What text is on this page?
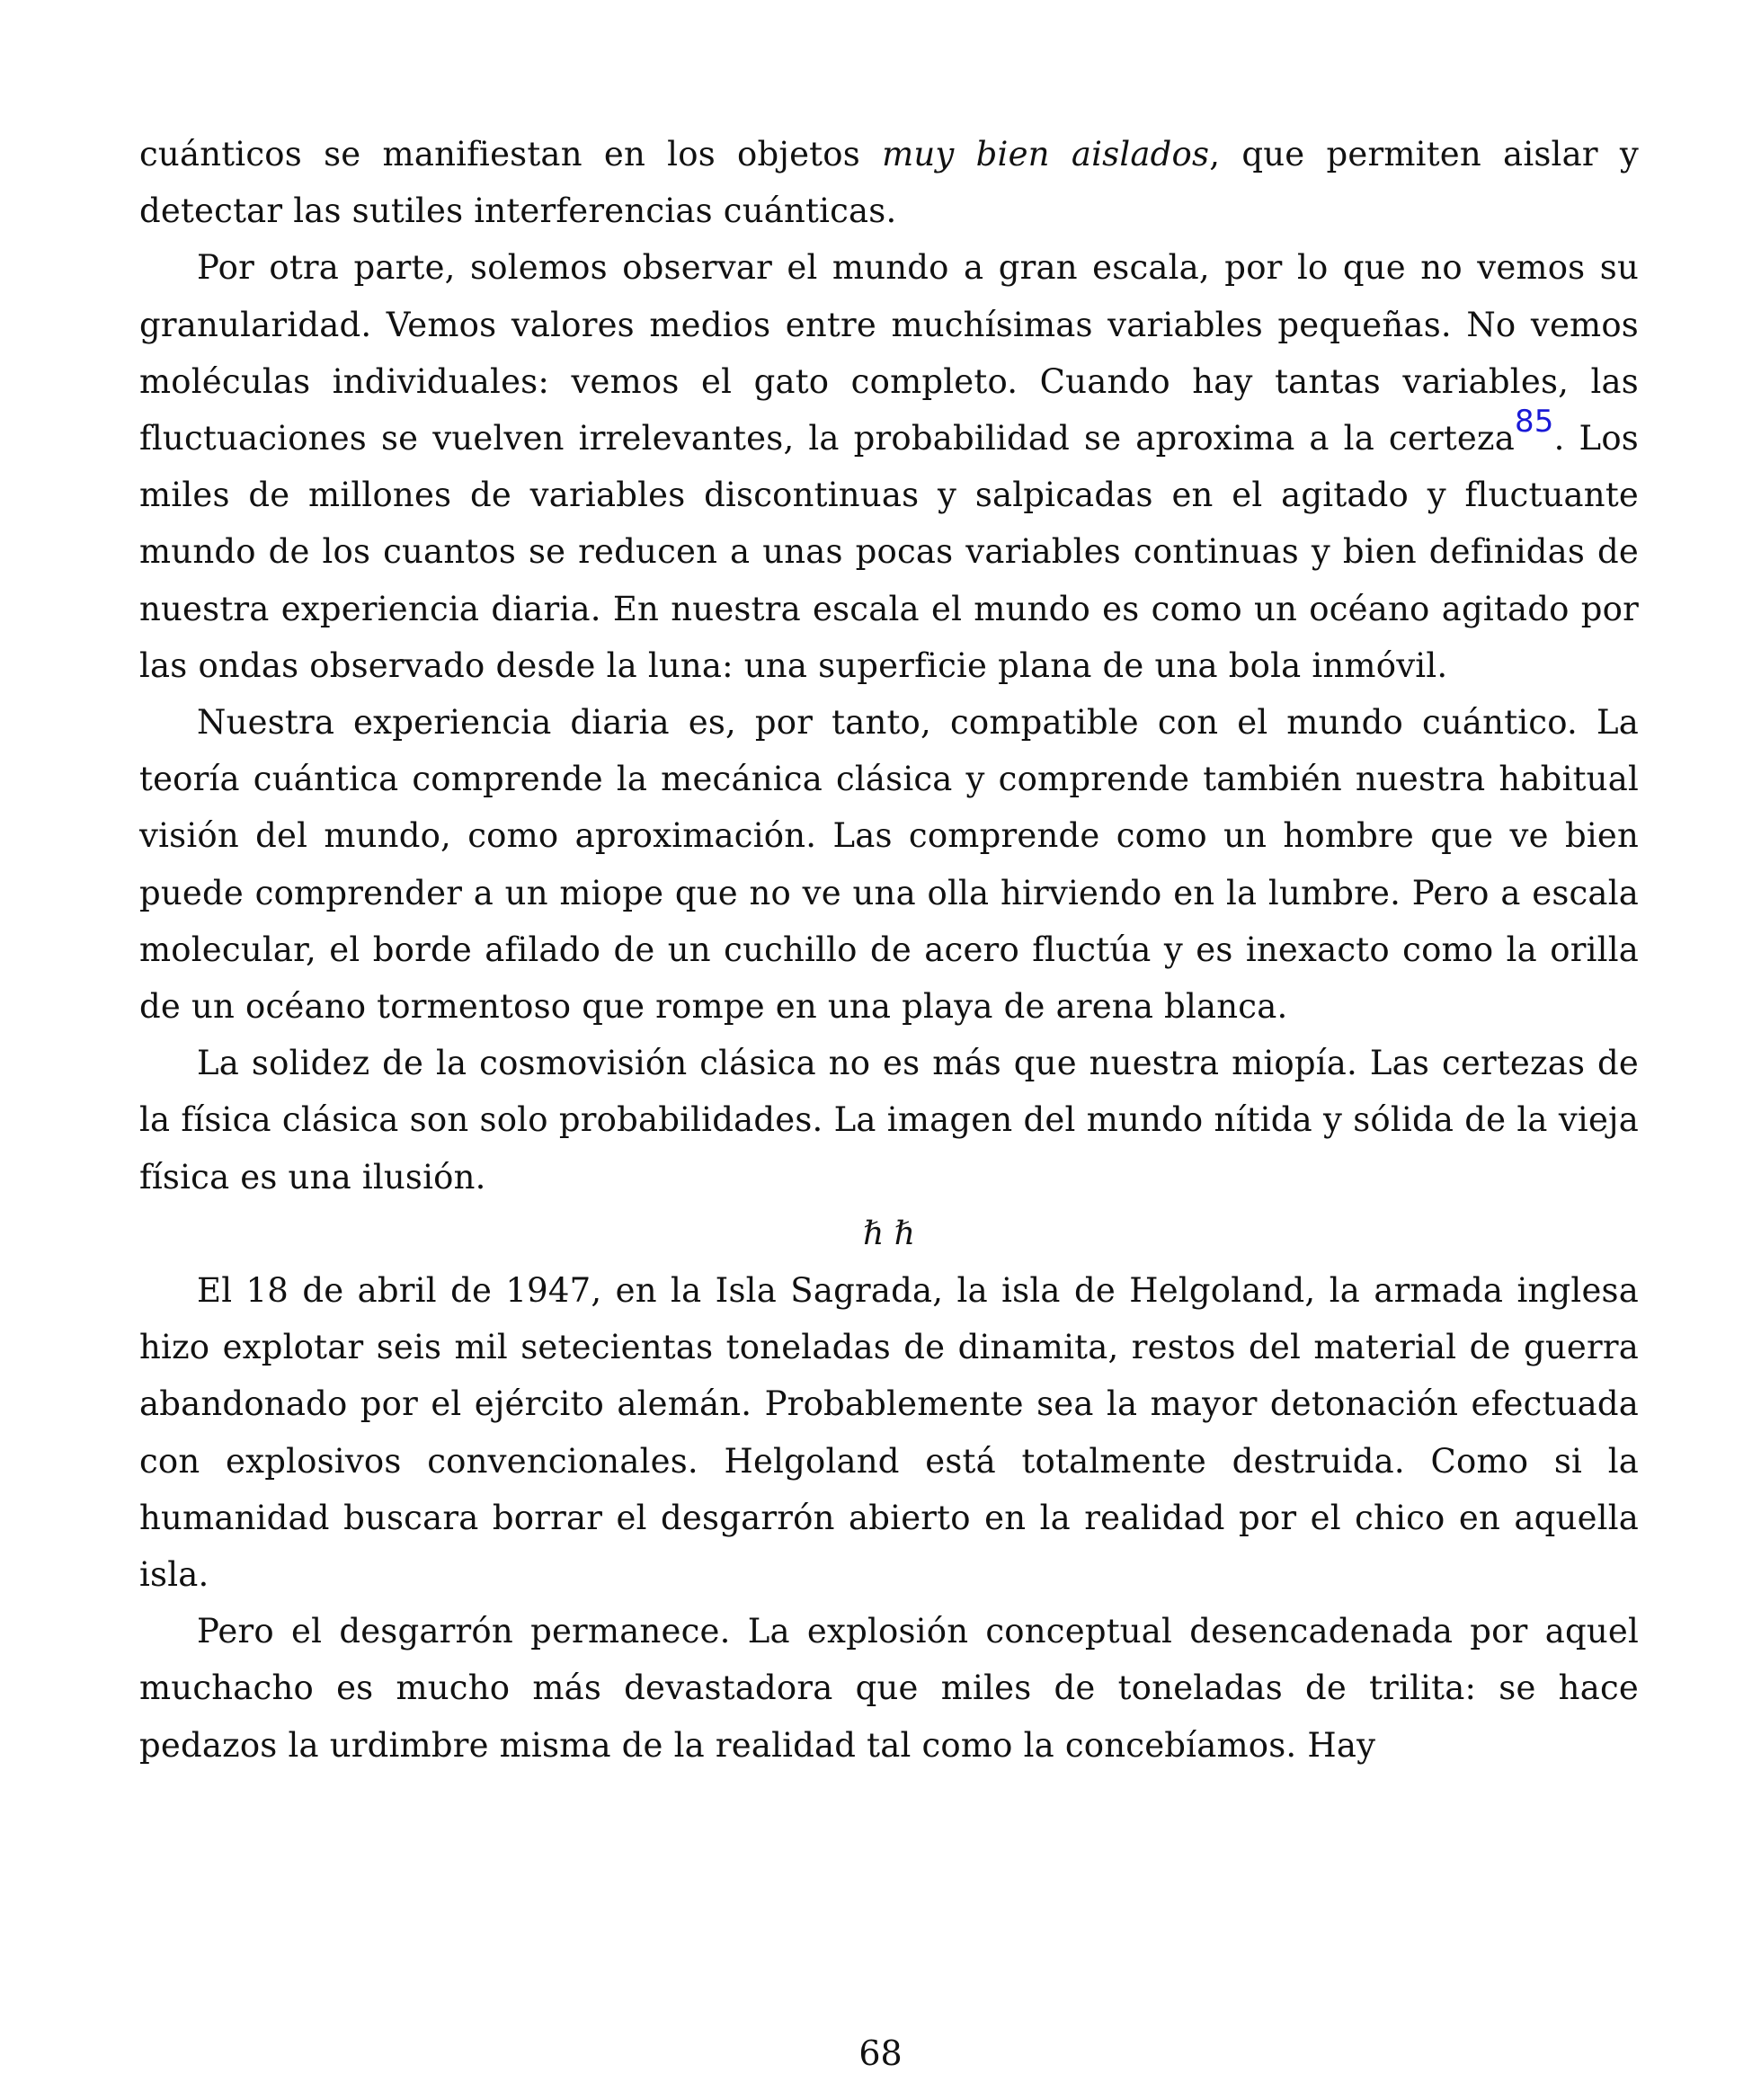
cuánticos se manifiestan en los objetos muy bien aislados, que permiten aislar y detectar las sutiles interferencias cuánticas.

Por otra parte, solemos observar el mundo a gran escala, por lo que no vemos su granularidad. Vemos valores medios entre muchísimas variables pequeñas. No vemos moléculas individuales: vemos el gato completo. Cuando hay tantas variables, las fluctuaciones se vuelven irrelevantes, la probabilidad se aproxima a la certeza85. Los miles de millones de variables discontinuas y salpicadas en el agitado y fluctuante mundo de los cuantos se reducen a unas pocas variables continuas y bien definidas de nuestra experiencia diaria. En nuestra escala el mundo es como un océano agitado por las ondas observado desde la luna: una superficie plana de una bola inmóvil.

Nuestra experiencia diaria es, por tanto, compatible con el mundo cuántico. La teoría cuántica comprende la mecánica clásica y comprende también nuestra habitual visión del mundo, como aproximación. Las comprende como un hombre que ve bien puede comprender a un miope que no ve una olla hirviendo en la lumbre. Pero a escala molecular, el borde afilado de un cuchillo de acero fluctúa y es inexacto como la orilla de un océano tormentoso que rompe en una playa de arena blanca.

La solidez de la cosmovisión clásica no es más que nuestra miopía. Las certezas de la física clásica son solo probabilidades. La imagen del mundo nítida y sólida de la vieja física es una ilusión.

ℏ ℏ

El 18 de abril de 1947, en la Isla Sagrada, la isla de Helgoland, la armada inglesa hizo explotar seis mil setecientas toneladas de dinamita, restos del material de guerra abandonado por el ejército alemán. Probablemente sea la mayor detonación efectuada con explosivos convencionales. Helgoland está totalmente destruida. Como si la humanidad buscara borrar el desgarrón abierto en la realidad por el chico en aquella isla.

Pero el desgarrón permanece. La explosión conceptual desencadenada por aquel muchacho es mucho más devastadora que miles de toneladas de trilita: se hace pedazos la urdimbre misma de la realidad tal como la concebíamos. Hay

68
